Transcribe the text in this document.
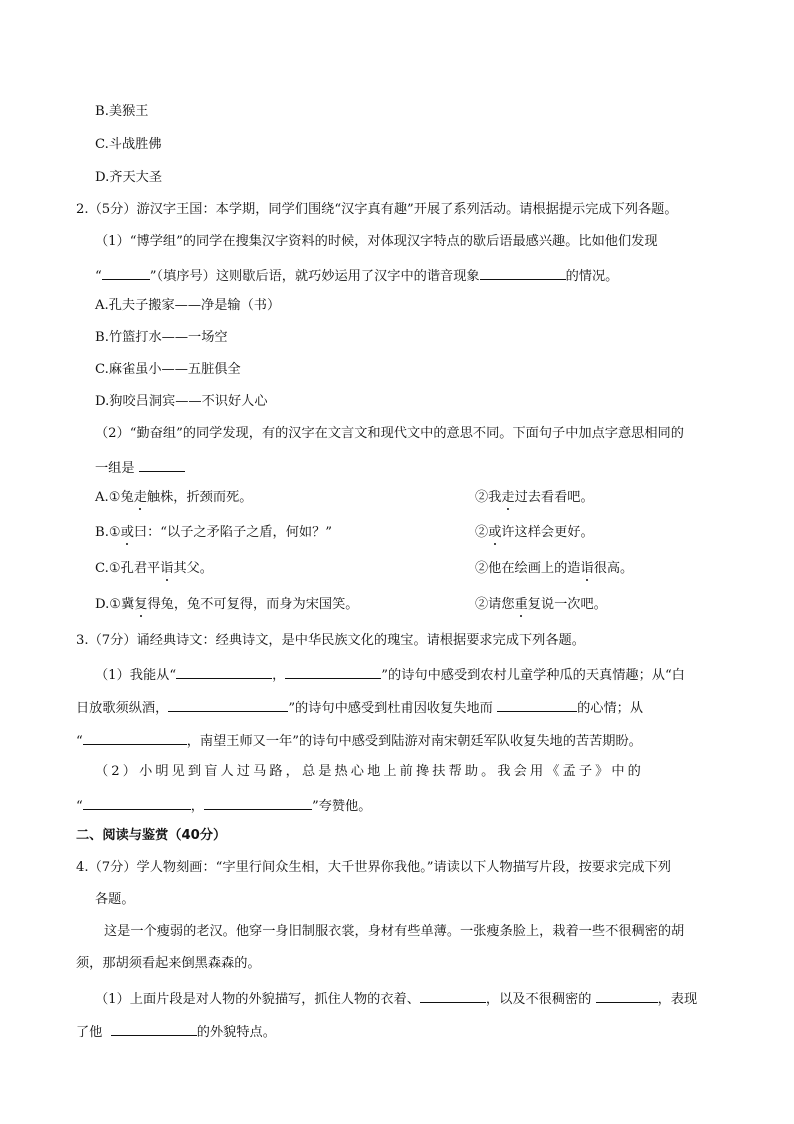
B.美猴王
C.斗战胜佛
D.齐天大圣
2.（5分）游汉字王国：本学期，同学们围绕“汉字真有趣”开展了系列活动。请根据提示完成下列各题。
（1）“博学组”的同学在搜集汉字资料的时候，对体现汉字特点的歇后语最感兴趣。比如他们发现
“	”（填序号）这则歇后语，就巧妙运用了汉字中的谐音现象	的情况。
A.孔夫子搬家——净是输（书）
B.竹篮打水——一场空
C.麻雀虽小——五脏俱全
D.狗咬吕洞宾——不识好人心
（2）“勤奋组”的同学发现，有的汉字在文言文和现代文中的意思不同。下面句子中加点字意思相同的
一组是
A.①兔走触株，折颈而死。	②我走过去看看吧。
B.①或曰：“以子之矛陷子之盾，何如？”	②或许这样会更好。
C.①孔君平诣其父。	②他在绘画上的造诣很高。
D.①冀复得兔，兔不可复得，而身为宋国笑。	②请您重复说一次吧。
3.（7分）诵经典诗文：经典诗文，是中华民族文化的瑰宝。请根据要求完成下列各题。
（1）我能从“	，	”的诗句中感受到农村儿童学种瓜的天真情趣；从“白
日放歌须纵酒，	”的诗句中感受到杜甫因收复失地而	的心情；从
“	，南望王师又一年”的诗句中感受到陆游对南宋朝廷军队收复失地的苦苦期盼。
（2）小明见到盲人过马路，总是热心地上前搀扶帮助。我会用《孟子》中的
“	，	”夸赞他。
二、阅读与鉴赏（40分）
4.（7分）学人物刻画：“字里行间众生相，大千世界你我他。”请读以下人物描写片段，按要求完成下列
各题。
这是一个瘦弱的老汉。他穿一身旧制服衣裳，身材有些单薄。一张瘦条脸上，栽着一些不很稠密的胡
须，那胡须看起来倒黑森森的。
（1）上面片段是对人物的外貌描写，抓住人物的衣着、	，以及不很稠密的	，表现
了他	的外貌特点。
